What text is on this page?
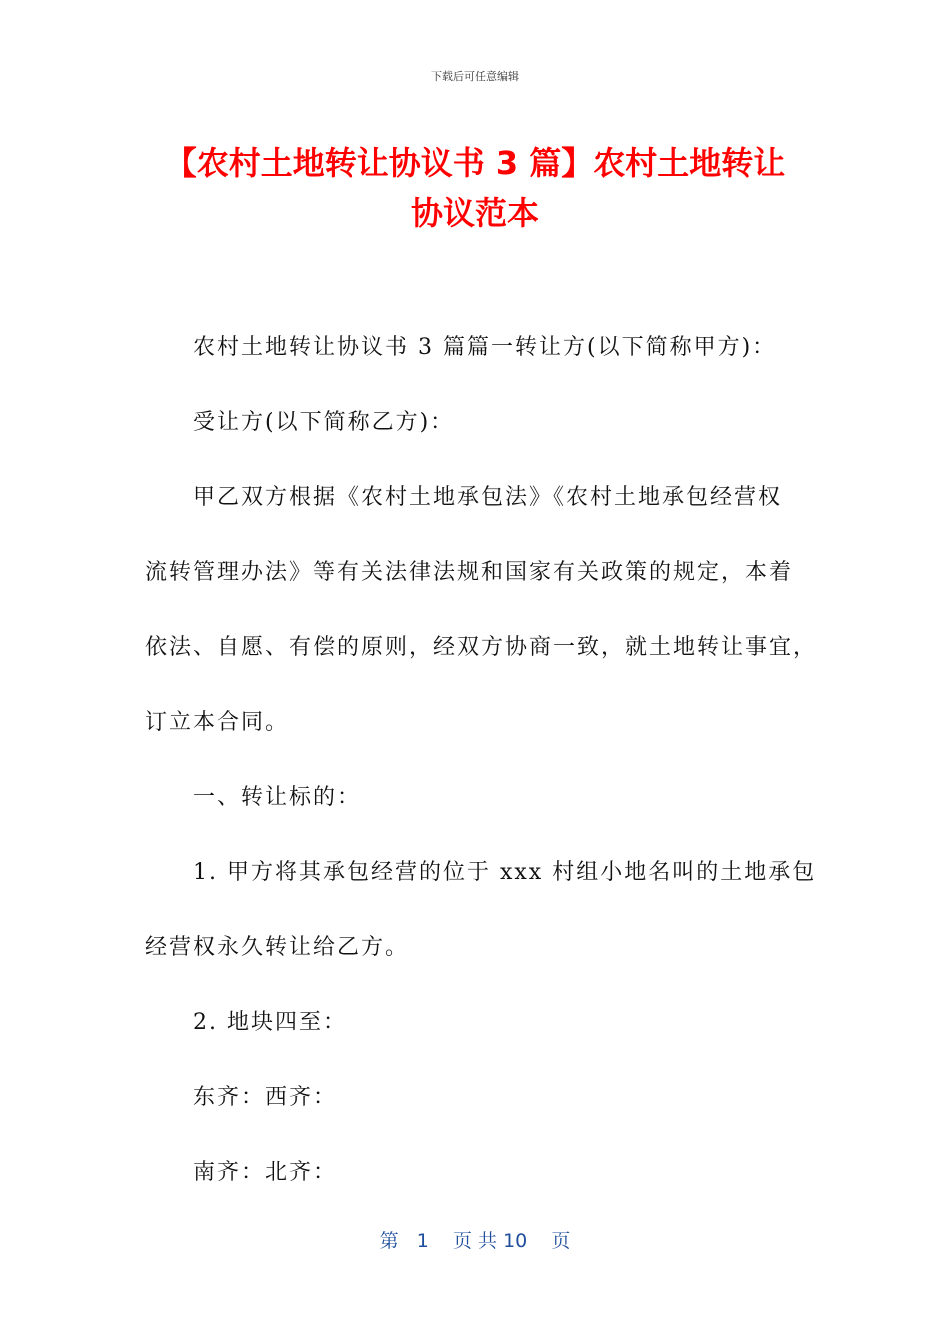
下载后可任意编辑
【农村土地转让协议书 3 篇】农村土地转让
协议范本
农村土地转让协议书 3 篇篇一转让方(以下简称甲方)：
受让方(以下简称乙方)：
甲乙双方根据《农村土地承包法》《农村土地承包经营权
流转管理办法》等有关法律法规和国家有关政策的规定，本着
依法、自愿、有偿的原则，经双方协商一致，就土地转让事宜，
订立本合同。
一、转让标的：
1. 甲方将其承包经营的位于 xxx 村组小地名叫的土地承包
经营权永久转让给乙方。
2. 地块四至：
东齐：西齐：
南齐：北齐：
第 1 页 共 10 页
